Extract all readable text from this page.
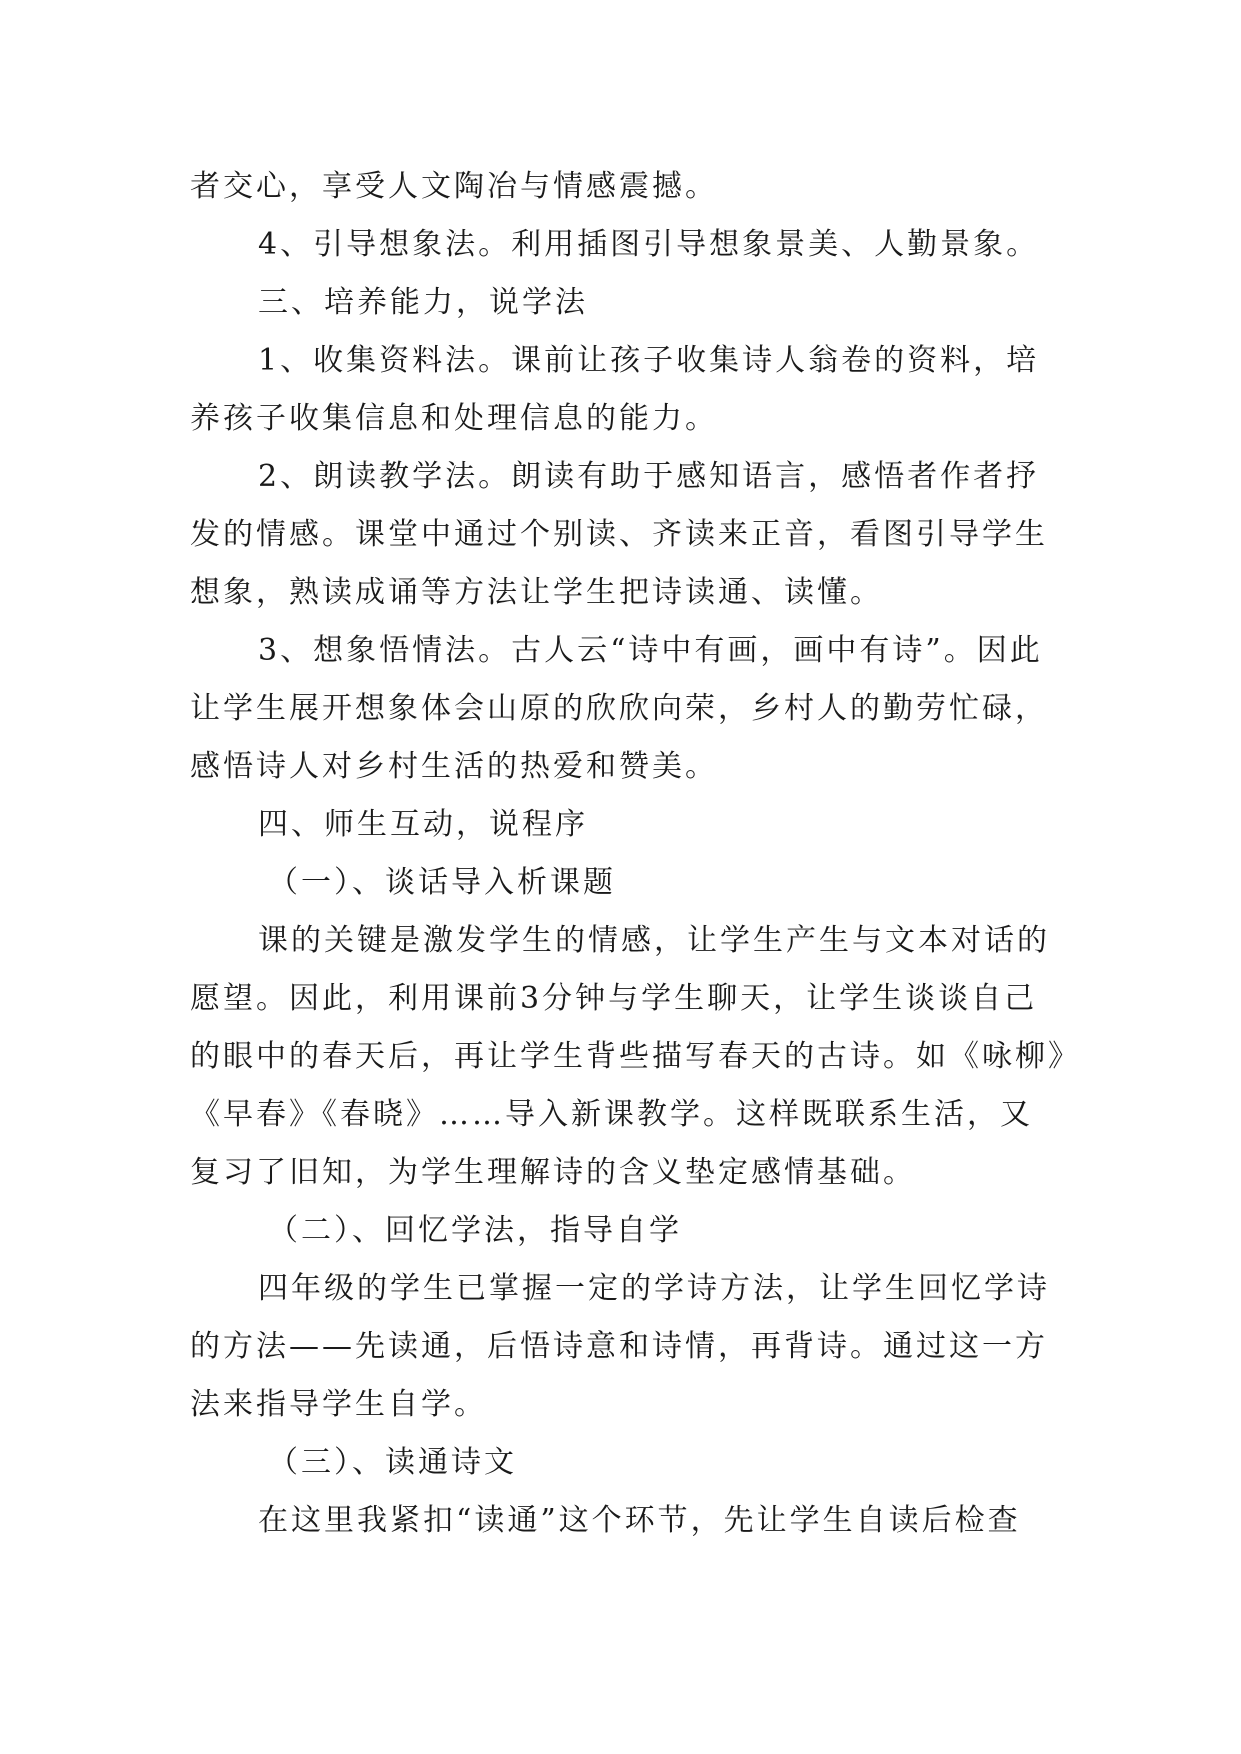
者交心，享受人文陶冶与情感震撼。

4、引导想象法。利用插图引导想象景美、人勤景象。

三、培养能力，说学法

1、收集资料法。课前让孩子收集诗人翁卷的资料，培

养孩子收集信息和处理信息的能力。

2、朗读教学法。朗读有助于感知语言，感悟者作者抒

发的情感。课堂中通过个别读、齐读来正音，看图引导学生

想象，熟读成诵等方法让学生把诗读通、读懂。

3、想象悟情法。古人云“诗中有画，画中有诗”。因此

让学生展开想象体会山原的欣欣向荣，乡村人的勤劳忙碌，

感悟诗人对乡村生活的热爱和赞美。

四、师生互动，说程序

（一）、谈话导入析课题

课的关键是激发学生的情感，让学生产生与文本对话的

愿望。因此，利用课前3分钟与学生聊天，让学生谈谈自己

的眼中的春天后，再让学生背些描写春天的古诗。如《咏柳》

《早春》《春晓》……导入新课教学。这样既联系生活，又

复习了旧知，为学生理解诗的含义垫定感情基础。

（二）、回忆学法，指导自学

四年级的学生已掌握一定的学诗方法，让学生回忆学诗

的方法——先读通，后悟诗意和诗情，再背诗。通过这一方

法来指导学生自学。

（三）、读通诗文

在这里我紧扣“读通”这个环节，先让学生自读后检查
